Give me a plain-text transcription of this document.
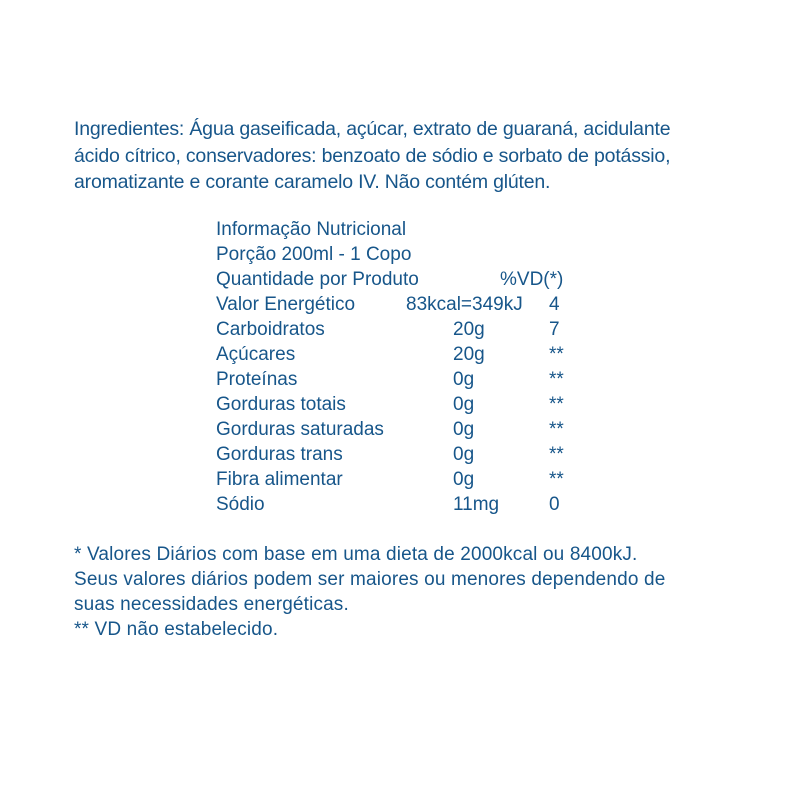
Ingredientes: Água gaseificada, açúcar, extrato de guaraná, acidulante
ácido cítrico, conservadores: benzoato de sódio e sorbato de potássio,
aromatizante e corante caramelo IV. Não contém glúten.
Informação Nutricional
Porção 200ml - 1 Copo
Quantidade por Produto	%VD(*)
Valor Energético	83kcal=349kJ 4
Carboidratos	20g	7
Açúcares	20g	**
Proteínas	0g	**
Gorduras totais	0g	**
Gorduras saturadas	0g	**
Gorduras trans	0g	**
Fibra alimentar	0g	**
Sódio	11mg	0
* Valores Diários com base em uma dieta de 2000kcal ou 8400kJ.
Seus valores diários podem ser maiores ou menores dependendo de
suas necessidades energéticas.
** VD não estabelecido.
